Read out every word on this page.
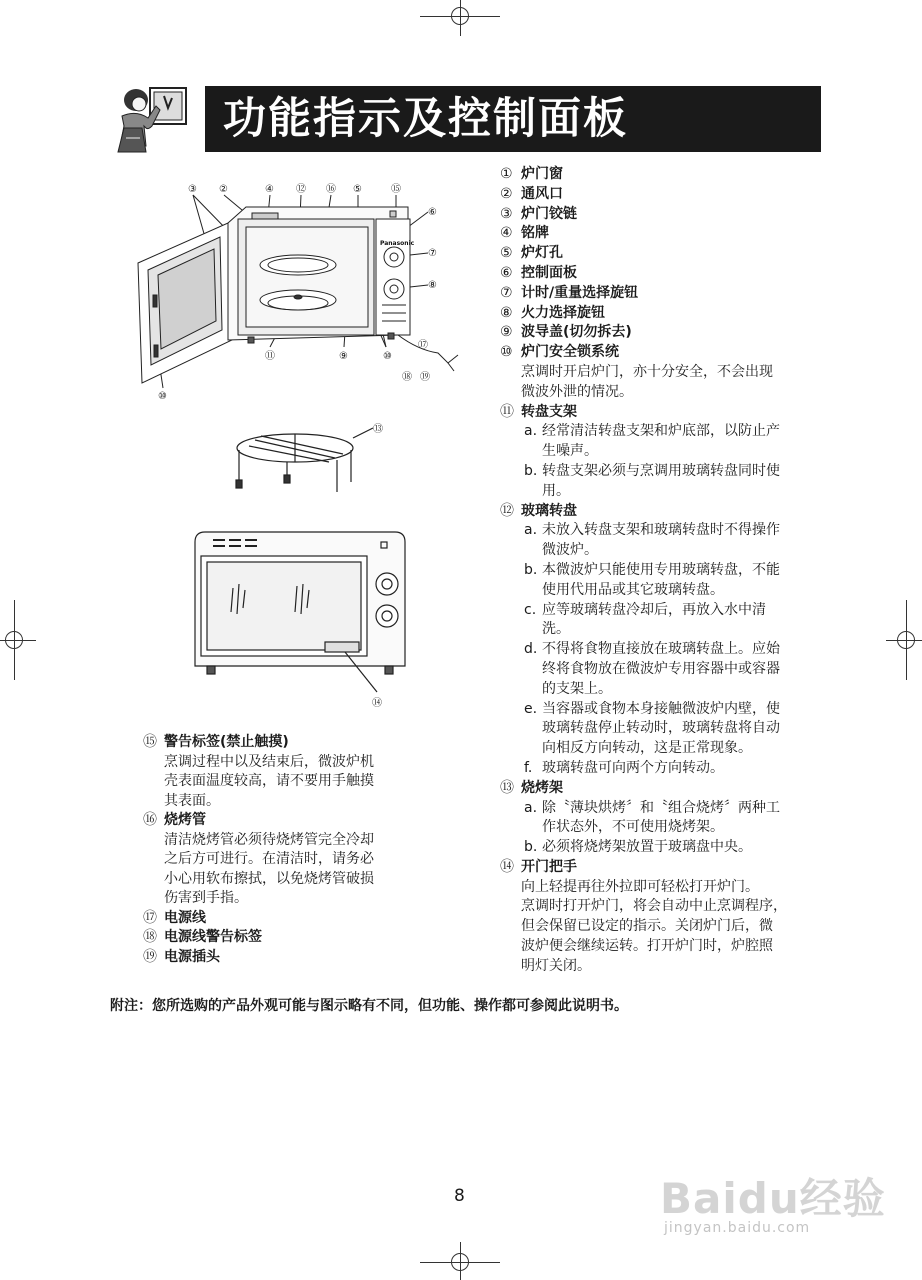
功能指示及控制面板
③ ②	④ ⑫ ⑯ ⑤	⑮
⑥
⑦
⑧
⑪	⑨	⑩
⑰
⑱ ⑲
⑩
Panasonic
⑬
⑭
① 炉门窗
② 通风口
③ 炉门铰链
④ 铭牌
⑤ 炉灯孔
⑥ 控制面板
⑦ 计时/重量选择旋钮
⑧ 火力选择旋钮
⑨ 波导盖(切勿拆去)
⑩ 炉门安全锁系统
烹调时开启炉门，亦十分安全，不会出现
微波外泄的情况。
⑪ 转盘支架
a. 经常清洁转盘支架和炉底部，以防止产
生噪声。
b. 转盘支架必须与烹调用玻璃转盘同时使
用。
⑫ 玻璃转盘
a. 未放入转盘支架和玻璃转盘时不得操作
微波炉。
b. 本微波炉只能使用专用玻璃转盘，不能
使用代用品或其它玻璃转盘。
c. 应等玻璃转盘冷却后，再放入水中清
洗。
d. 不得将食物直接放在玻璃转盘上。应始
终将食物放在微波炉专用容器中或容器
的支架上。
e. 当容器或食物本身接触微波炉内壁，使
玻璃转盘停止转动时，玻璃转盘将自动
向相反方向转动，这是正常现象。
f. 玻璃转盘可向两个方向转动。
⑬ 烧烤架
a. 除〝薄块烘烤〞和〝组合烧烤〞两种工
作状态外，不可使用烧烤架。
b. 必须将烧烤架放置于玻璃盘中央。
⑭ 开门把手
向上轻提再往外拉即可轻松打开炉门。
烹调时打开炉门，将会自动中止烹调程序，
但会保留已设定的指示。关闭炉门后，微
波炉便会继续运转。打开炉门时，炉腔照
明灯关闭。
⑮ 警告标签(禁止触摸)
烹调过程中以及结束后，微波炉机
壳表面温度较高，请不要用手触摸
其表面。
⑯ 烧烤管
清洁烧烤管必须待烧烤管完全冷却
之后方可进行。在清洁时，请务必
小心用软布擦拭，以免烧烤管破损
伤害到手指。
⑰ 电源线
⑱ 电源线警告标签
⑲ 电源插头
附注：您所选购的产品外观可能与图示略有不同，但功能、操作都可参阅此说明书。
8	Baidu经验
jingyan.baidu.com
